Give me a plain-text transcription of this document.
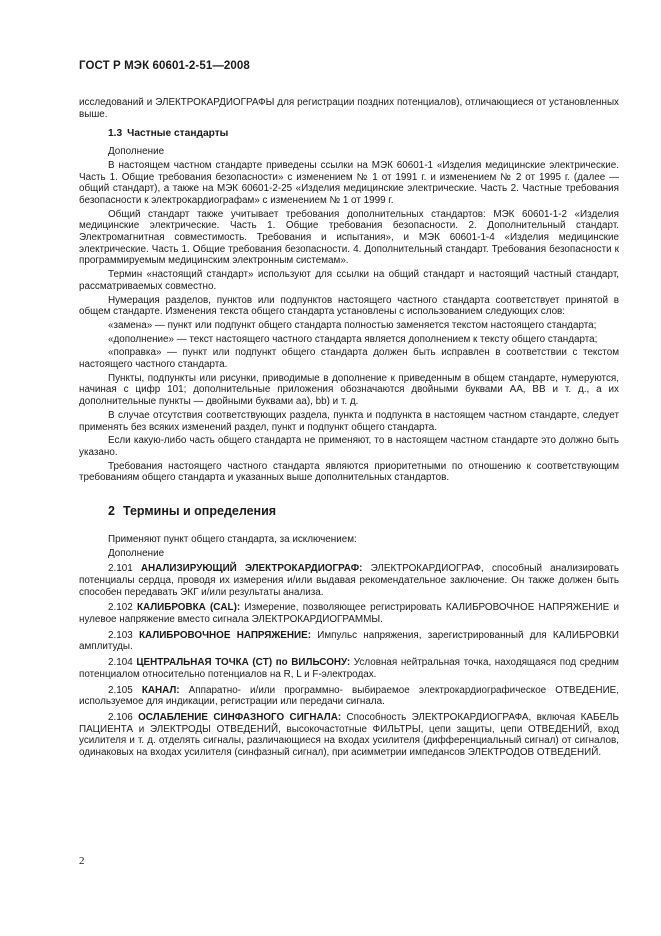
ГОСТ Р МЭК 60601-2-51—2008

исследований и ЭЛЕКТРОКАРДИОГРАФЫ для регистрации поздних потенциалов), отличающиеся от установленных выше.

1.3 Частные стандарты

Дополнение

В настоящем частном стандарте приведены ссылки на МЭК 60601-1 «Изделия медицинские электрические. Часть 1. Общие требования безопасности» с изменением № 1 от 1991 г. и изменением № 2 от 1995 г. (далее — общий стандарт), а также на МЭК 60601-2-25 «Изделия медицинские электрические. Часть 2. Частные требования безопасности к электрокардиографам» с изменением № 1 от 1999 г.

Общий стандарт также учитывает требования дополнительных стандартов: МЭК 60601-1-2 «Изделия медицинские электрические. Часть 1. Общие требования безопасности. 2. Дополнительный стандарт. Электромагнитная совместимость. Требования и испытания», и МЭК 60601-1-4 «Изделия медицинские электрические. Часть 1. Общие требования безопасности. 4. Дополнительный стандарт. Требования безопасности к программируемым медицинским электронным системам».

Термин «настоящий стандарт» используют для ссылки на общий стандарт и настоящий частный стандарт, рассматриваемых совместно.

Нумерация разделов, пунктов или подпунктов настоящего частного стандарта соответствует принятой в общем стандарте. Изменения текста общего стандарта установлены с использованием следующих слов:

«замена» — пункт или подпункт общего стандарта полностью заменяется текстом настоящего стандарта;

«дополнение» — текст настоящего частного стандарта является дополнением к тексту общего стандарта;

«поправка» — пункт или подпункт общего стандарта должен быть исправлен в соответствии с текстом настоящего частного стандарта.

Пункты, подпункты или рисунки, приводимые в дополнение к приведенным в общем стандарте, нумеруются, начиная с цифр 101; дополнительные приложения обозначаются двойными буквами АА, ВВ и т. д., а их дополнительные пункты — двойными буквами аа), bb) и т. д.

В случае отсутствия соответствующих раздела, пункта и подпункта в настоящем частном стандарте, следует применять без всяких изменений раздел, пункт и подпункт общего стандарта.

Если какую-либо часть общего стандарта не применяют, то в настоящем частном стандарте это должно быть указано.

Требования настоящего частного стандарта являются приоритетными по отношению к соответствующим требованиям общего стандарта и указанных выше дополнительных стандартов.

2 Термины и определения

Применяют пункт общего стандарта, за исключением:

Дополнение

2.101 АНАЛИЗИРУЮЩИЙ ЭЛЕКТРОКАРДИОГРАФ: ЭЛЕКТРОКАРДИОГРАФ, способный анализировать потенциалы сердца, проводя их измерения и/или выдавая рекомендательное заключение. Он также должен быть способен передавать ЭКГ и/или результаты анализа.

2.102 КАЛИБРОВКА (CAL): Измерение, позволяющее регистрировать КАЛИБРОВОЧНОЕ НАПРЯЖЕНИЕ и нулевое напряжение вместо сигнала ЭЛЕКТРОКАРДИОГРАММЫ.

2.103 КАЛИБРОВОЧНОЕ НАПРЯЖЕНИЕ: Импульс напряжения, зарегистрированный для КАЛИБРОВКИ амплитуды.

2.104 ЦЕНТРАЛЬНАЯ ТОЧКА (CT) по ВИЛЬСОНУ: Условная нейтральная точка, находящаяся под средним потенциалом относительно потенциалов на R, L и F-электродах.

2.105 КАНАЛ: Аппаратно- и/или программно- выбираемое электрокардиографическое ОТВЕДЕНИЕ, используемое для индикации, регистрации или передачи сигнала.

2.106 ОСЛАБЛЕНИЕ СИНФАЗНОГО СИГНАЛА: Способность ЭЛЕКТРОКАРДИОГРАФА, включая КАБЕЛЬ ПАЦИЕНТА и ЭЛЕКТРОДЫ ОТВЕДЕНИЙ, высокочастотные ФИЛЬТРЫ, цепи защиты, цепи ОТВЕДЕНИЙ, вход усилителя и т. д. отделять сигналы, различающиеся на входах усилителя (дифференциальный сигнал) от сигналов, одинаковых на входах усилителя (синфазный сигнал), при асимметрии импедансов ЭЛЕКТРОДОВ ОТВЕДЕНИЙ.

2
